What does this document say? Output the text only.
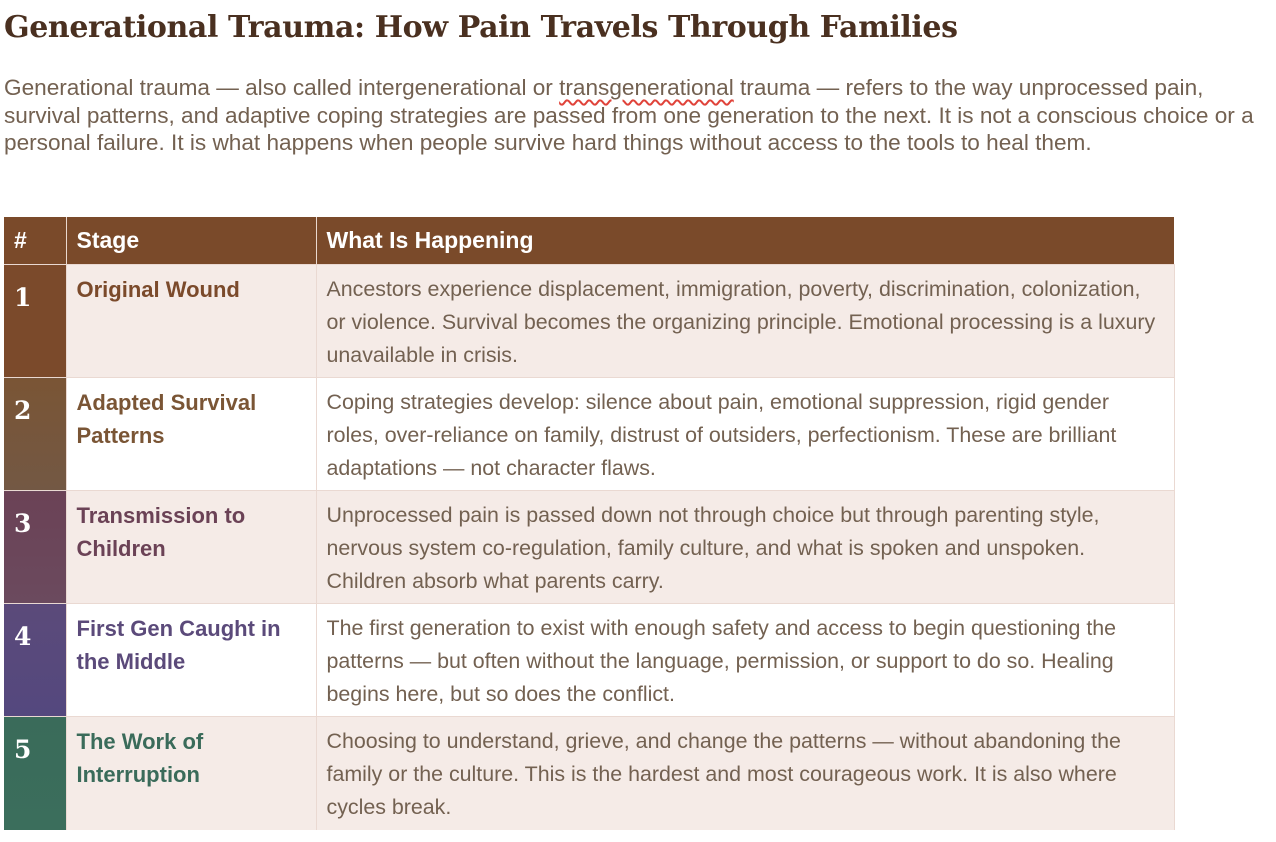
Generational Trauma: How Pain Travels Through Families

Generational trauma — also called intergenerational or transgenerational trauma — refers to the way unprocessed pain, survival patterns, and adaptive coping strategies are passed from one generation to the next. It is not a conscious choice or a personal failure. It is what happens when people survive hard things without access to the tools to heal them.

#	Stage	What Is Happening
1	Original Wound	Ancestors experience displacement, immigration, poverty, discrimination, colonization, or violence. Survival becomes the organizing principle. Emotional processing is a luxury unavailable in crisis.
2	Adapted Survival Patterns	Coping strategies develop: silence about pain, emotional suppression, rigid gender roles, over-reliance on family, distrust of outsiders, perfectionism. These are brilliant adaptations — not character flaws.
3	Transmission to Children	Unprocessed pain is passed down not through choice but through parenting style, nervous system co-regulation, family culture, and what is spoken and unspoken. Children absorb what parents carry.
4	First Gen Caught in the Middle	The first generation to exist with enough safety and access to begin questioning the patterns — but often without the language, permission, or support to do so. Healing begins here, but so does the conflict.
5	The Work of Interruption	Choosing to understand, grieve, and change the patterns — without abandoning the family or the culture. This is the hardest and most courageous work. It is also where cycles break.
